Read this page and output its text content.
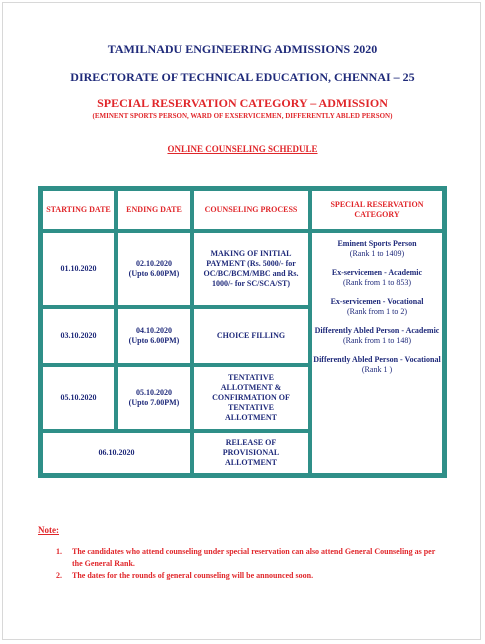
TAMILNADU ENGINEERING ADMISSIONS 2020
DIRECTORATE OF TECHNICAL EDUCATION, CHENNAI – 25
SPECIAL RESERVATION CATEGORY – ADMISSION
(EMINENT SPORTS PERSON, WARD OF EXSERVICEMEN, DIFFERENTLY ABLED PERSON)
ONLINE COUNSELING SCHEDULE
STARTING DATE	ENDING DATE	COUNSELING PROCESS
SPECIAL RESERVATION CATEGORY
01.10.2020
02.10.2020
(Upto 6.00PM)
MAKING OF INITIAL PAYMENT (Rs. 5000/- for OC/BC/BCM/MBC and Rs. 1000/- for SC/SCA/ST)
03.10.2020
04.10.2020
(Upto 6.00PM)
CHOICE FILLING
05.10.2020
05.10.2020
(Upto 7.00PM)
TENTATIVE ALLOTMENT & CONFIRMATION OF TENTATIVE ALLOTMENT
06.10.2020
RELEASE OF PROVISIONAL ALLOTMENT
Eminent Sports Person
(Rank 1 to 1409)
Ex-servicemen - Academic
(Rank from 1 to 853)
Ex-servicemen - Vocational
(Rank from 1 to 2)
Differently Abled Person - Academic
(Rank from 1 to 148)
Differently Abled Person - Vocational
(Rank 1 )
Note:
1. The candidates who attend counseling under special reservation can also attend General Counseling as per the General Rank.
2. The dates for the rounds of general counseling will be announced soon.
